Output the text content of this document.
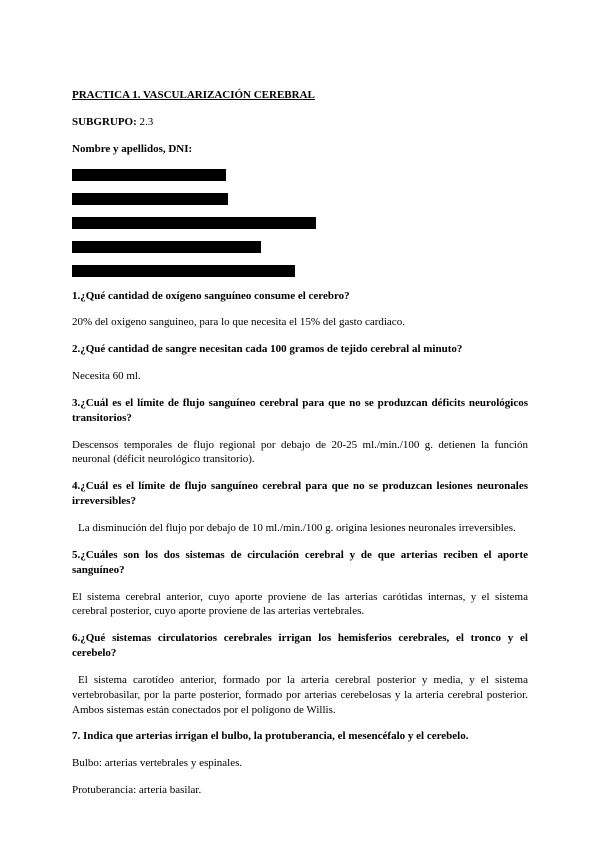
PRACTICA 1. VASCULARIZACIÓN CEREBRAL
SUBGRUPO: 2.3
Nombre y apellidos, DNI:
1.¿Qué cantidad de oxígeno sanguíneo consume el cerebro?
20% del oxigeno sanguineo, para lo que necesita el 15% del gasto cardiaco.
2.¿Qué cantidad de sangre necesitan cada 100 gramos de tejido cerebral al minuto?
Necesita 60 ml.
3.¿Cuál es el límite de flujo sanguíneo cerebral para que no se produzcan déficits neurológicos transitorios?
Descensos temporales de flujo regional por debajo de 20-25 ml./min./100 g. detienen la función neuronal (déficit neurológico transitorio).
4.¿Cuál es el límite de flujo sanguíneo cerebral para que no se produzcan lesiones neuronales irreversibles?
La disminución del flujo por debajo de 10 ml./min./100 g. origina lesiones neuronales irreversibles.
5.¿Cuáles son los dos sistemas de circulación cerebral y de que arterias reciben el aporte sanguíneo?
El sistema cerebral anterior, cuyo aporte proviene de las arterias carótidas internas, y el sistema cerebral posterior, cuyo aporte proviene de las arterias vertebrales.
6.¿Qué sistemas circulatorios cerebrales irrigan los hemisferios cerebrales, el tronco y el cerebelo?
El sistema carotídeo anterior, formado por la arteria cerebral posterior y media, y el sistema vertebrobasilar, por la parte posterior, formado por arterias cerebelosas y la arteria cerebral posterior. Ambos sistemas están conectados por el polígono de Willis.
7. Indica que arterias irrigan el bulbo, la protuberancia, el mesencéfalo y el cerebelo.
Bulbo: arterias vertebrales y espinales.
Protuberancia: arteria basilar.
